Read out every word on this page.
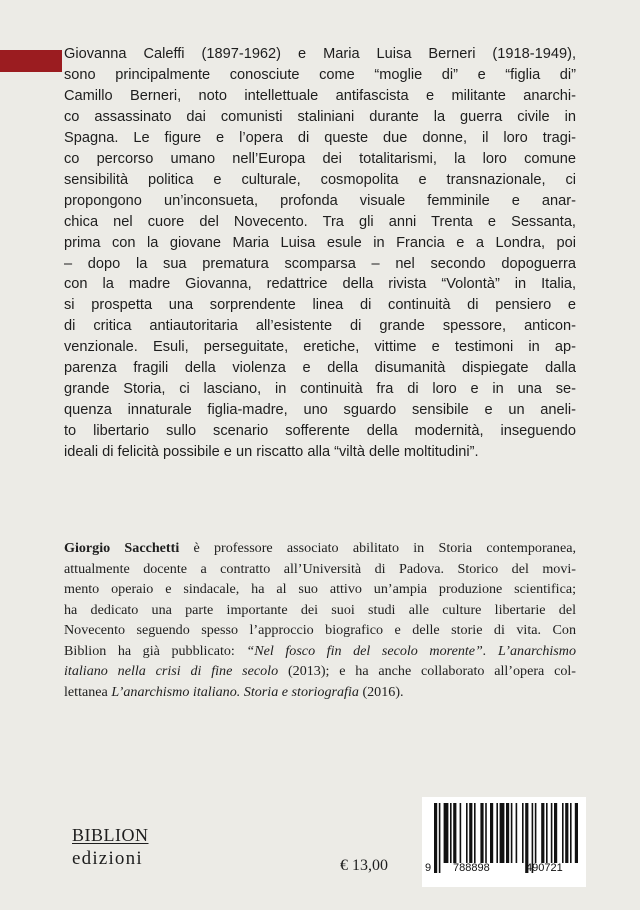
Giovanna Caleffi (1897-1962) e Maria Luisa Berneri (1918-1949),
sono principalmente conosciute come “moglie di” e “figlia di”
Camillo Berneri, noto intellettuale antifascista e militante anarchi-
co assassinato dai comunisti staliniani durante la guerra civile in
Spagna. Le figure e l’opera di queste due donne, il loro tragi-
co percorso umano nell’Europa dei totalitarismi, la loro comune
sensibilità politica e culturale, cosmopolita e transnazionale, ci
propongono un’inconsueta, profonda visuale femminile e anar-
chica nel cuore del Novecento. Tra gli anni Trenta e Sessanta,
prima con la giovane Maria Luisa esule in Francia e a Londra, poi
– dopo la sua prematura scomparsa – nel secondo dopoguerra
con la madre Giovanna, redattrice della rivista “Volontà” in Italia,
si prospetta una sorprendente linea di continuità di pensiero e
di critica antiautoritaria all’esistente di grande spessore, anticon-
venzionale. Esuli, perseguitate, eretiche, vittime e testimoni in ap-
parenza fragili della violenza e della disumanità dispiegate dalla
grande Storia, ci lasciano, in continuità fra di loro e in una se-
quenza innaturale figlia-madre, uno sguardo sensibile e un aneli-
to libertario sullo scenario sofferente della modernità, inseguendo
ideali di felicità possibile e un riscatto alla “viltà delle moltitudini”.
Giorgio Sacchetti è professore associato abilitato in Storia contemporanea,
attualmente docente a contratto all’Università di Padova. Storico del movi-
mento operaio e sindacale, ha al suo attivo un’ampia produzione scientifica;
ha dedicato una parte importante dei suoi studi alle culture libertarie del
Novecento seguendo spesso l’approccio biografico e delle storie di vita. Con
Biblion ha già pubblicato: “Nel fosco fin del secolo morente”. L’anarchismo
italiano nella crisi di fine secolo (2013); e ha anche collaborato all’opera col-
lettanea L’anarchismo italiano. Storia e storiografia (2016).
BIBLION
edizioni	€ 13,00	9 788898	490721
